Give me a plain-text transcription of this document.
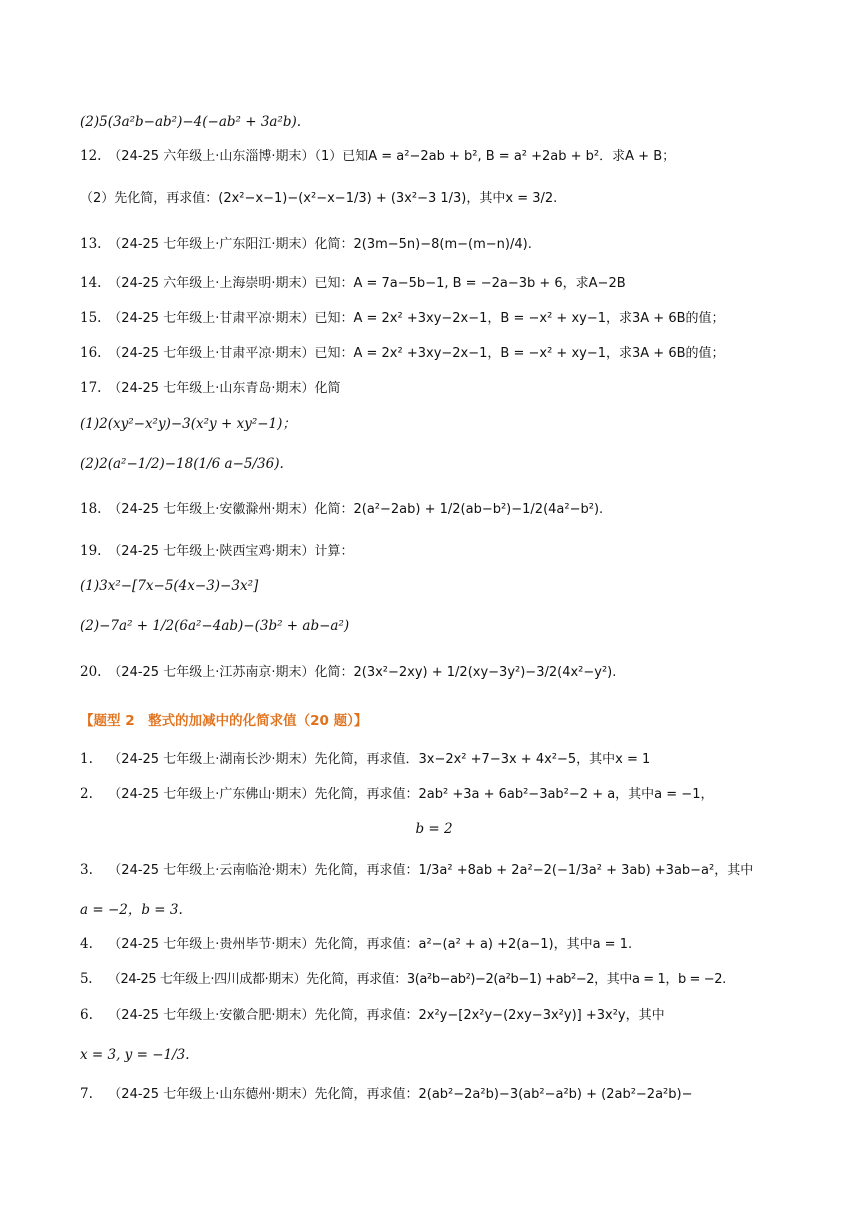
(2)5(3a²b−ab²)−4(−ab² + 3a²b).
12. （24-25 六年级上·山东淄博·期末）（1）已知A = a²−2ab + b², B = a² +2ab + b²．求A + B；
（2）先化简，再求值：(2x²−x−1)−(x²−x−1/3) + (3x²−3 1/3)，其中x = 3/2.
13. （24-25 七年级上·广东阳江·期末）化简：2(3m−5n)−8(m−(m−n)/4).
14. （24-25 六年级上·上海崇明·期末）已知：A = 7a−5b−1, B = −2a−3b + 6，求A−2B
15. （24-25 七年级上·甘肃平凉·期末）已知：A = 2x² +3xy−2x−1，B = −x² + xy−1，求3A + 6B的值；
16. （24-25 七年级上·甘肃平凉·期末）已知：A = 2x² +3xy−2x−1，B = −x² + xy−1，求3A + 6B的值；
17. （24-25 七年级上·山东青岛·期末）化简
(1)2(xy²−x²y)−3(x²y + xy²−1)；
(2)2(a²−1/2)−18(1/6 a−5/36).
18. （24-25 七年级上·安徽滁州·期末）化简：2(a²−2ab) + 1/2(ab−b²)−1/2(4a²−b²).
19. （24-25 七年级上·陕西宝鸡·期末）计算：
(1)3x²−[7x−5(4x−3)−3x²]
(2)−7a² + 1/2(6a²−4ab)−(3b² + ab−a²)
20. （24-25 七年级上·江苏南京·期末）化简：2(3x²−2xy) + 1/2(xy−3y²)−3/2(4x²−y²).
【题型 2　整式的加减中的化简求值（20 题）】
1. （24-25 七年级上·湖南长沙·期末）先化简，再求值．3x−2x² +7−3x + 4x²−5，其中x = 1
2. （24-25 七年级上·广东佛山·期末）先化简，再求值：2ab² +3a + 6ab²−3ab²−2 + a，其中a = −1，
b = 2
3. （24-25 七年级上·云南临沧·期末）先化简，再求值：1/3a² +8ab + 2a²−2(−1/3a² + 3ab) +3ab−a²，其中
a = −2，b = 3.
4. （24-25 七年级上·贵州毕节·期末）先化简，再求值：a²−(a² + a) +2(a−1)，其中a = 1.
5. （24-25 七年级上·四川成都·期末）先化简，再求值：3(a²b−ab²)−2(a²b−1) +ab²−2，其中a = 1，b = −2.
6. （24-25 七年级上·安徽合肥·期末）先化简，再求值：2x²y−[2x²y−(2xy−3x²y)] +3x²y，其中
x = 3, y = −1/3.
7. （24-25 七年级上·山东德州·期末）先化简，再求值：2(ab²−2a²b)−3(ab²−a²b) + (2ab²−2a²b)−
